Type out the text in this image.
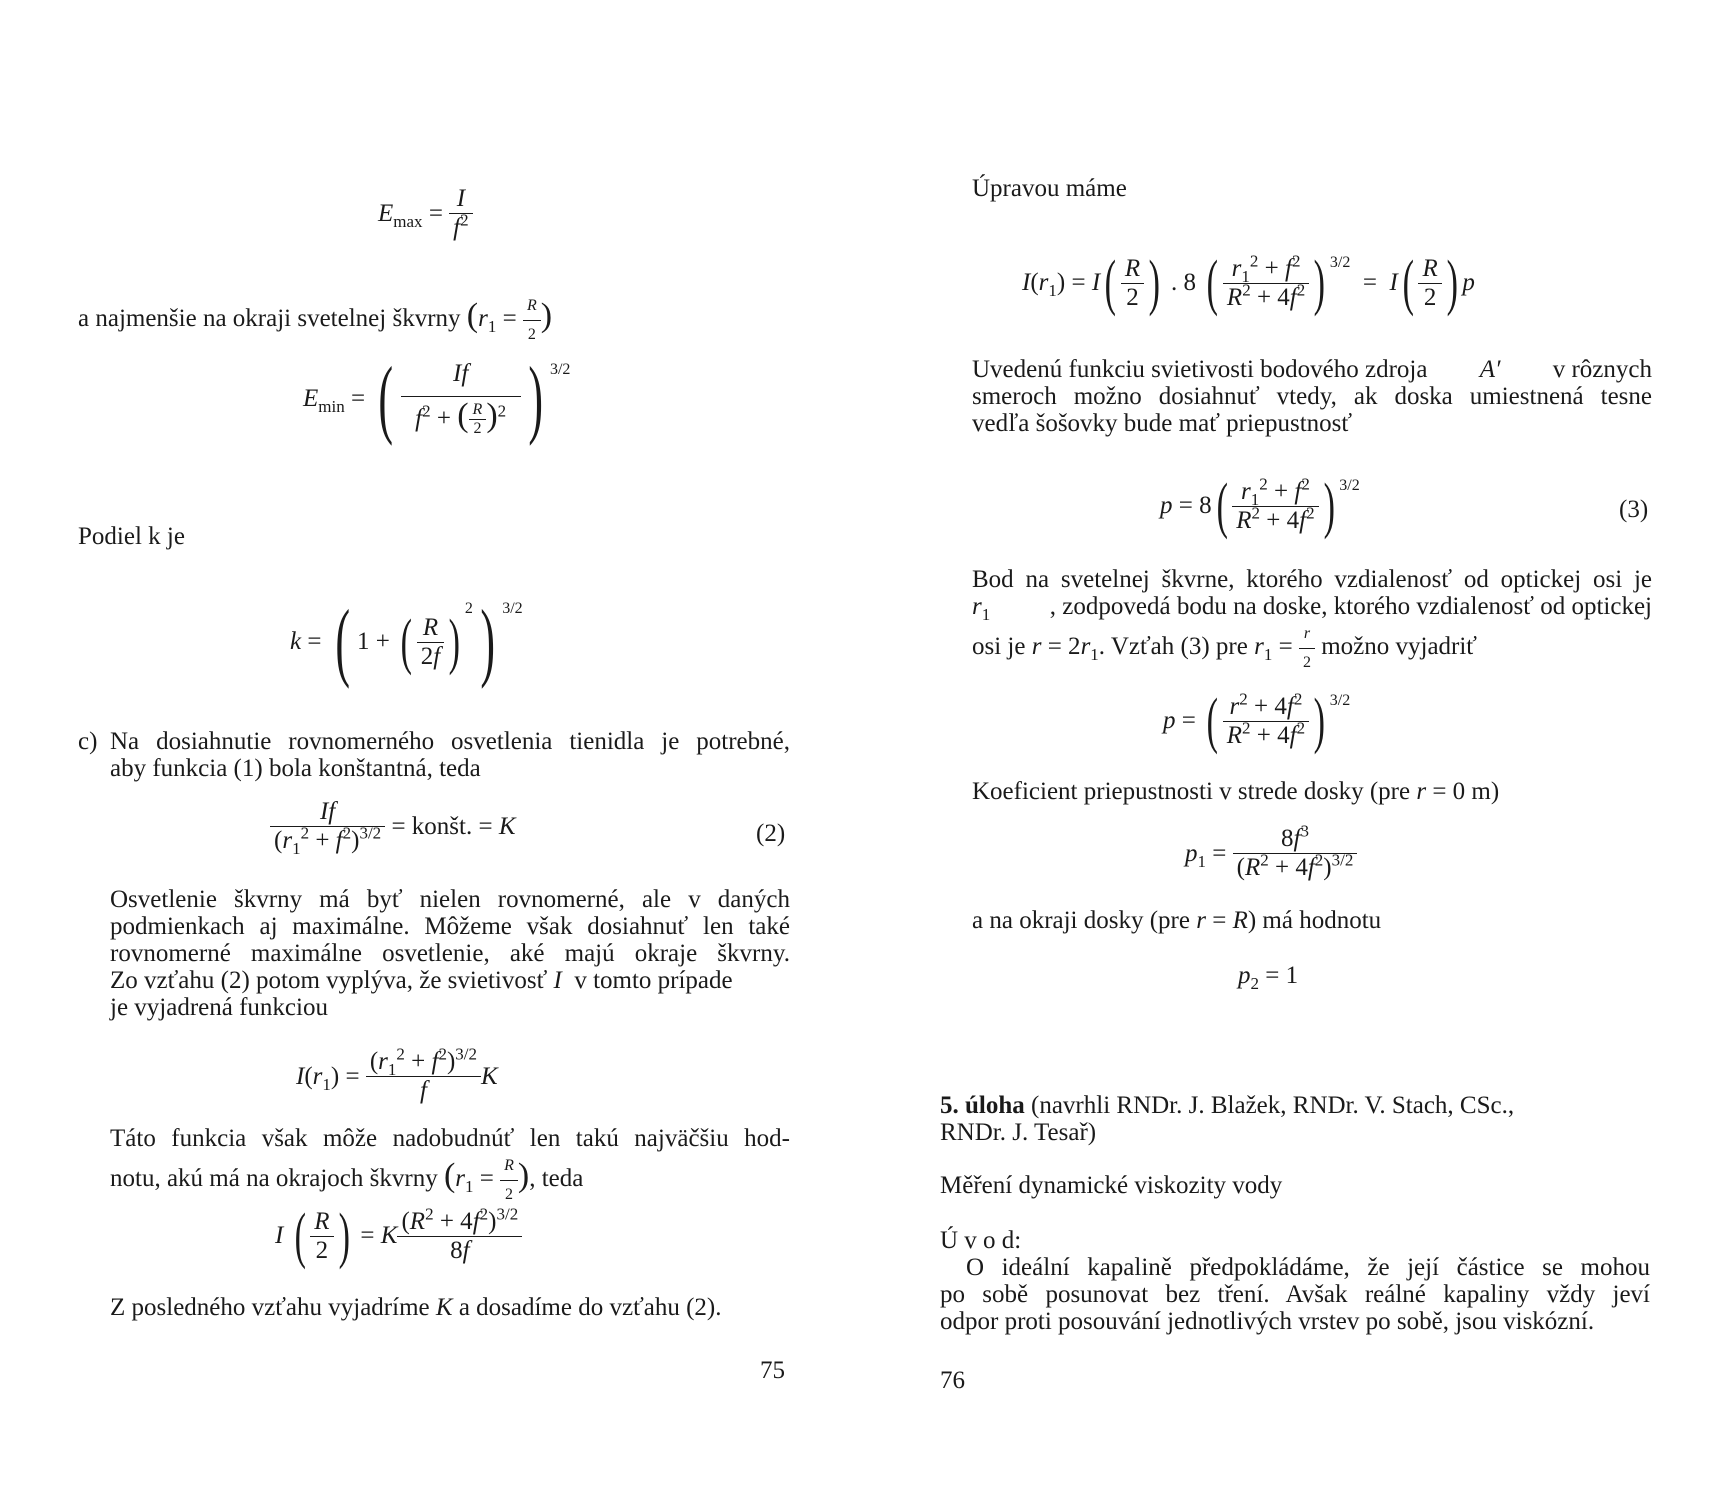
$E_{max} = \frac{I}{f^2}$
a najmenšie na okraji svetelnej škvrny ($r_1 = \frac{R}{2}$ )
$E_{min}$ = ( $\frac{If}{f^2 + ( \frac{R}{2} )^2}$ ) 3/2
Podiel k je
k = ( 1 + ( $\frac{R}{2f}$ ) 2 ) 3/2
c) Na dosiahnutie rovnomerného osvetlenia tienidla je potrebné,
aby funkcia (1) bola konštantná, teda
$\frac{If}{(r_1^2 + f^2)^{3/2}}$ = konšt. = K	(2)
Osvetlenie škvrny má byť nielen rovnomerné, ale v daných
podmienkach aj maximálne. Môžeme však dosiahnuť len také
rovnomerné maximálne osvetlenie, aké majú okraje škvrny.
Zo vzťahu (2) potom vyplýva, že svietivosť I v tomto prípade
je vyjadrená funkciou
$I(r_1) = \frac{(r_1^2 + f^2)^{3/2}}{f}$ K
Táto funkcia však môže nadobudnúť len takú najväčšiu hod-
notu, akú má na okrajoch škvrny ($r_1 = \frac{R}{2}$ ), teda
I ( $\frac{R}{2}$ ) = K $\frac{(R^2 + 4f^2)^{3/2}}{8f}$
Z posledného vzťahu vyjadríme K a dosadíme do vzťahu (2).
75
Úpravou máme
$I(r_1) = I$ ( $\frac{R}{2}$ ) . 8 ( $\frac{r_1^2 + f^2}{R^2 + 4f^2}$ ) 3/2
=  I ( $\frac{R}{2}$ ) p
Uvedenú funkciu svietivosti bodového zdroja A′ v rôznych
smeroch možno dosiahnuť vtedy, ak doska umiestnená tesne
vedľa šošovky bude mať priepustnosť
p = 8 ( $\frac{r_1^2 + f^2}{R^2 + 4f^2}$ ) 3/2
(3)
Bod na svetelnej škvrne, ktorého vzdialenosť od optickej osi je
$r_1$ , zodpovedá bodu na doske, ktorého vzdialenosť od optickej
osi je $r = 2r_1$. Vzťah (3) pre $r_1 = \frac{r}{2}$ možno vyjadriť
p = ( $\frac{r^2 + 4f^2}{R^2 + 4f^2}$ ) 3/2
Koeficient priepustnosti v strede dosky (pre r = 0 m)
$p_1 = \frac{8f^3}{(R^2 + 4f^2)^{3/2}}$
a na okraji dosky (pre r = R) má hodnotu
$p_2 = 1$
5. úloha (navrhli RNDr. J. Blažek, RNDr. V. Stach, CSc.,
RNDr. J. Tesař)
Měření dynamické viskozity vody
Ú v o d:
O ideální kapalině předpokládáme, že její částice se mohou
po sobě posunovat bez tření. Avšak reálné kapaliny vždy jeví
odpor proti posouvání jednotlivých vrstev po sobě, jsou viskózní.
76
